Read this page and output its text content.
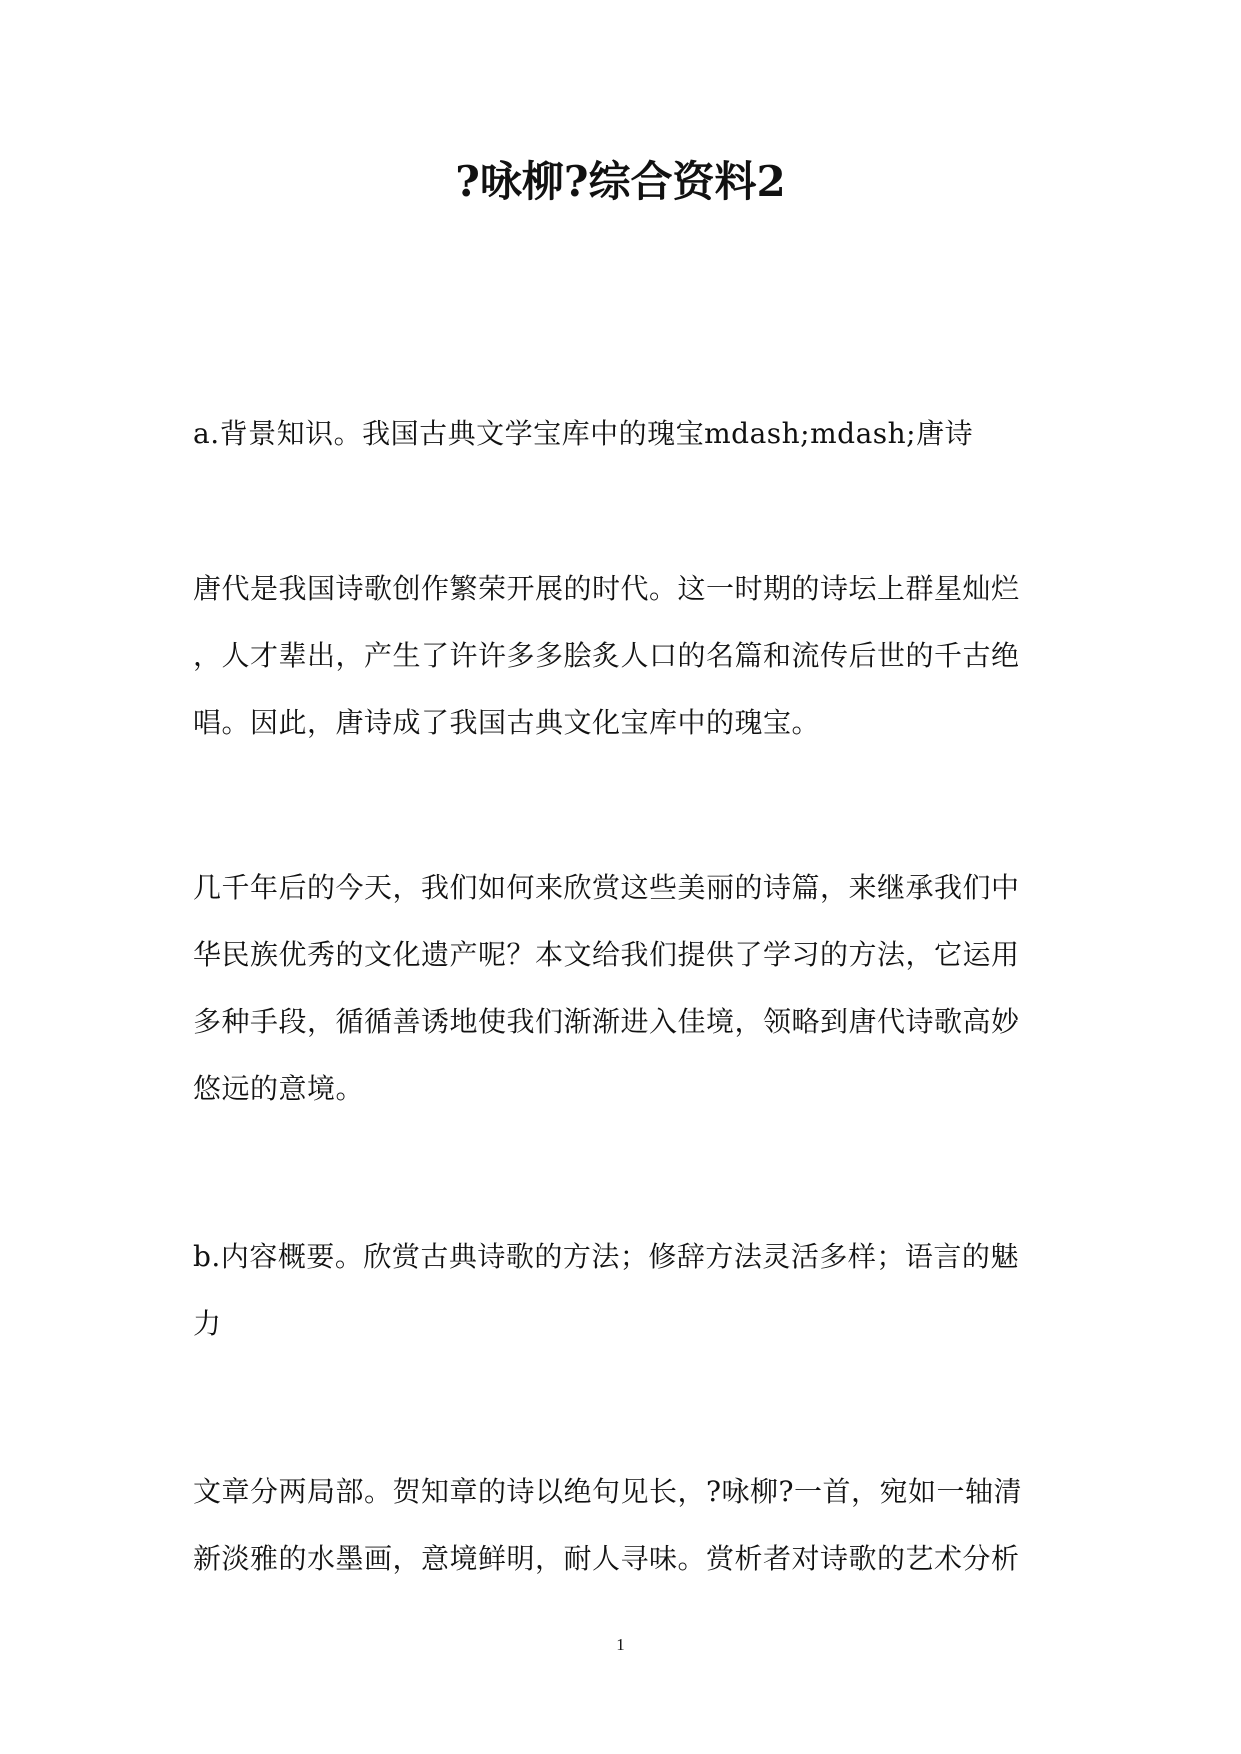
?咏柳?综合资料2

a.背景知识。我国古典文学宝库中的瑰宝mdash;mdash;唐诗

唐代是我国诗歌创作繁荣开展的时代。这一时期的诗坛上群星灿烂
，人才辈出，产生了许许多多脍炙人口的名篇和流传后世的千古绝
唱。因此，唐诗成了我国古典文化宝库中的瑰宝。

几千年后的今天，我们如何来欣赏这些美丽的诗篇，来继承我们中
华民族优秀的文化遗产呢？本文给我们提供了学习的方法，它运用
多种手段，循循善诱地使我们渐渐进入佳境，领略到唐代诗歌高妙
悠远的意境。

b.内容概要。欣赏古典诗歌的方法；修辞方法灵活多样；语言的魅
力

文章分两局部。贺知章的诗以绝句见长，?咏柳?一首，宛如一轴清
新淡雅的水墨画，意境鲜明，耐人寻味。赏析者对诗歌的艺术分析

1
